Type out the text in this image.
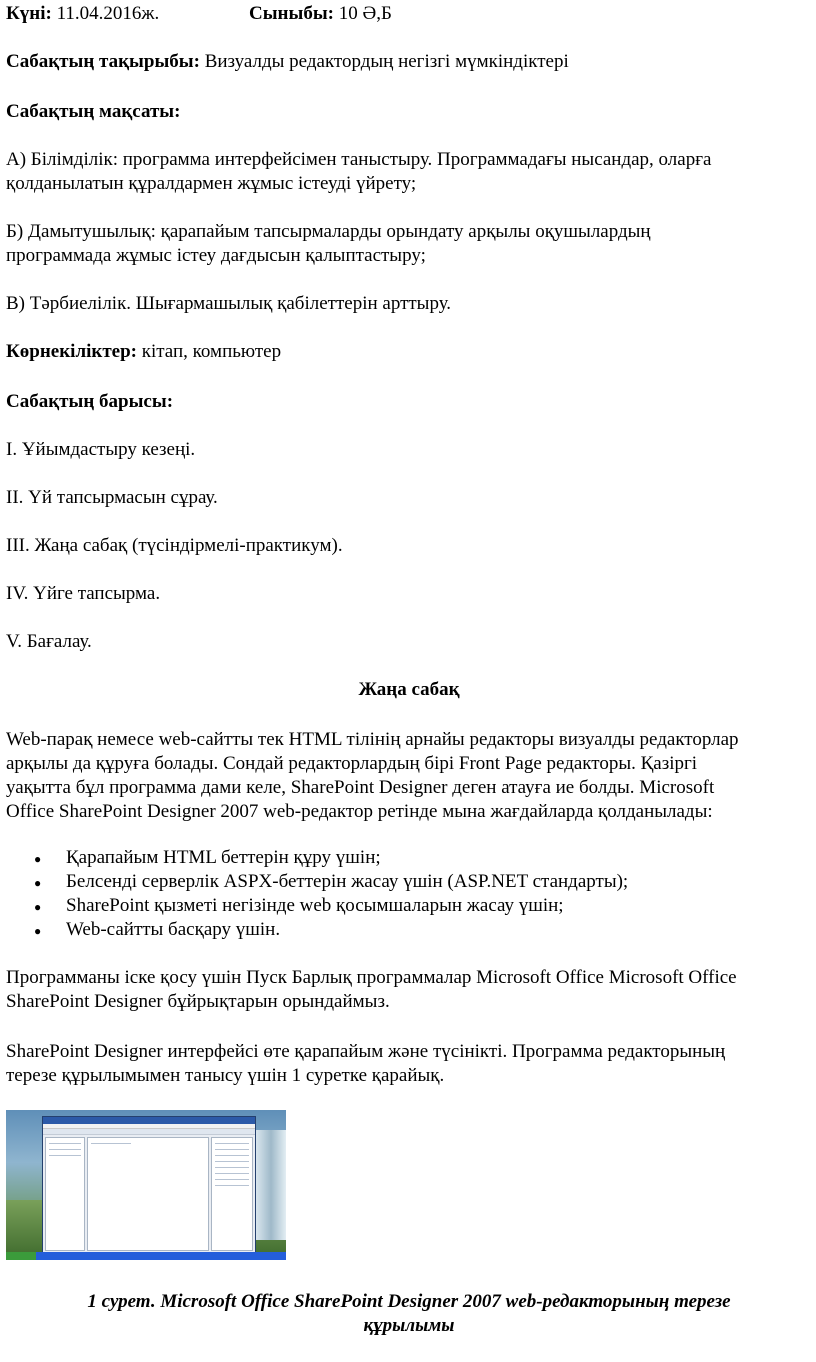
Күні: 11.04.2016ж.	Сыныбы: 10 Ә,Б
Сабақтың тақырыбы: Визуалды редактордың негізгі мүмкіндіктері
Сабақтың мақсаты:
А) Білімділік: программа интерфейсімен таныстыру. Программадағы нысандар, оларға
қолданылатын құралдармен жұмыс істеуді үйрету;
Б) Дамытушылық: қарапайым тапсырмаларды орындату арқылы оқушылардың
программада жұмыс істеу дағдысын қалыптастыру;
В) Тәрбиелілік. Шығармашылық қабілеттерін арттыру.
Көрнекіліктер: кітап, компьютер
Сабақтың барысы:
I. Ұйымдастыру кезеңі.
II. Үй тапсырмасын сұрау.
III. Жаңа сабақ (түсіндірмелі-практикум).
IV. Үйге тапсырма.
V. Бағалау.
Жаңа сабақ
Web-парақ немесе web-сайтты тек HTML тілінің арнайы редакторы визуалды редакторлар
арқылы да құруға болады. Сондай редакторлардың бірі Front Page редакторы. Қазіргі
уақытта бұл программа дами келе, SharePoint Designer деген атауға ие болды. Microsoft
Office SharePoint Designer 2007 web-редактор ретінде мына жағдайларда қолданылады:
● Қарапайым HTML беттерін құру үшін;
● Белсенді серверлік ASPX-беттерін жасау үшін (ASP.NET стандарты);
● SharePoint қызметі негізінде web қосымшаларын жасау үшін;
● Web-сайтты басқару үшін.
Программаны іске қосу үшін Пуск Барлық программалар Microsoft Office Microsoft Office
SharePoint Designer бұйрықтарын орындаймыз.
SharePoint Designer интерфейсі өте қарапайым және түсінікті. Программа редакторының
терезе құрылымымен танысу үшін 1 суретке қарайық.
1 сурет. Microsoft Office SharePoint Designer 2007 web-редакторының терезе
құрылымы
